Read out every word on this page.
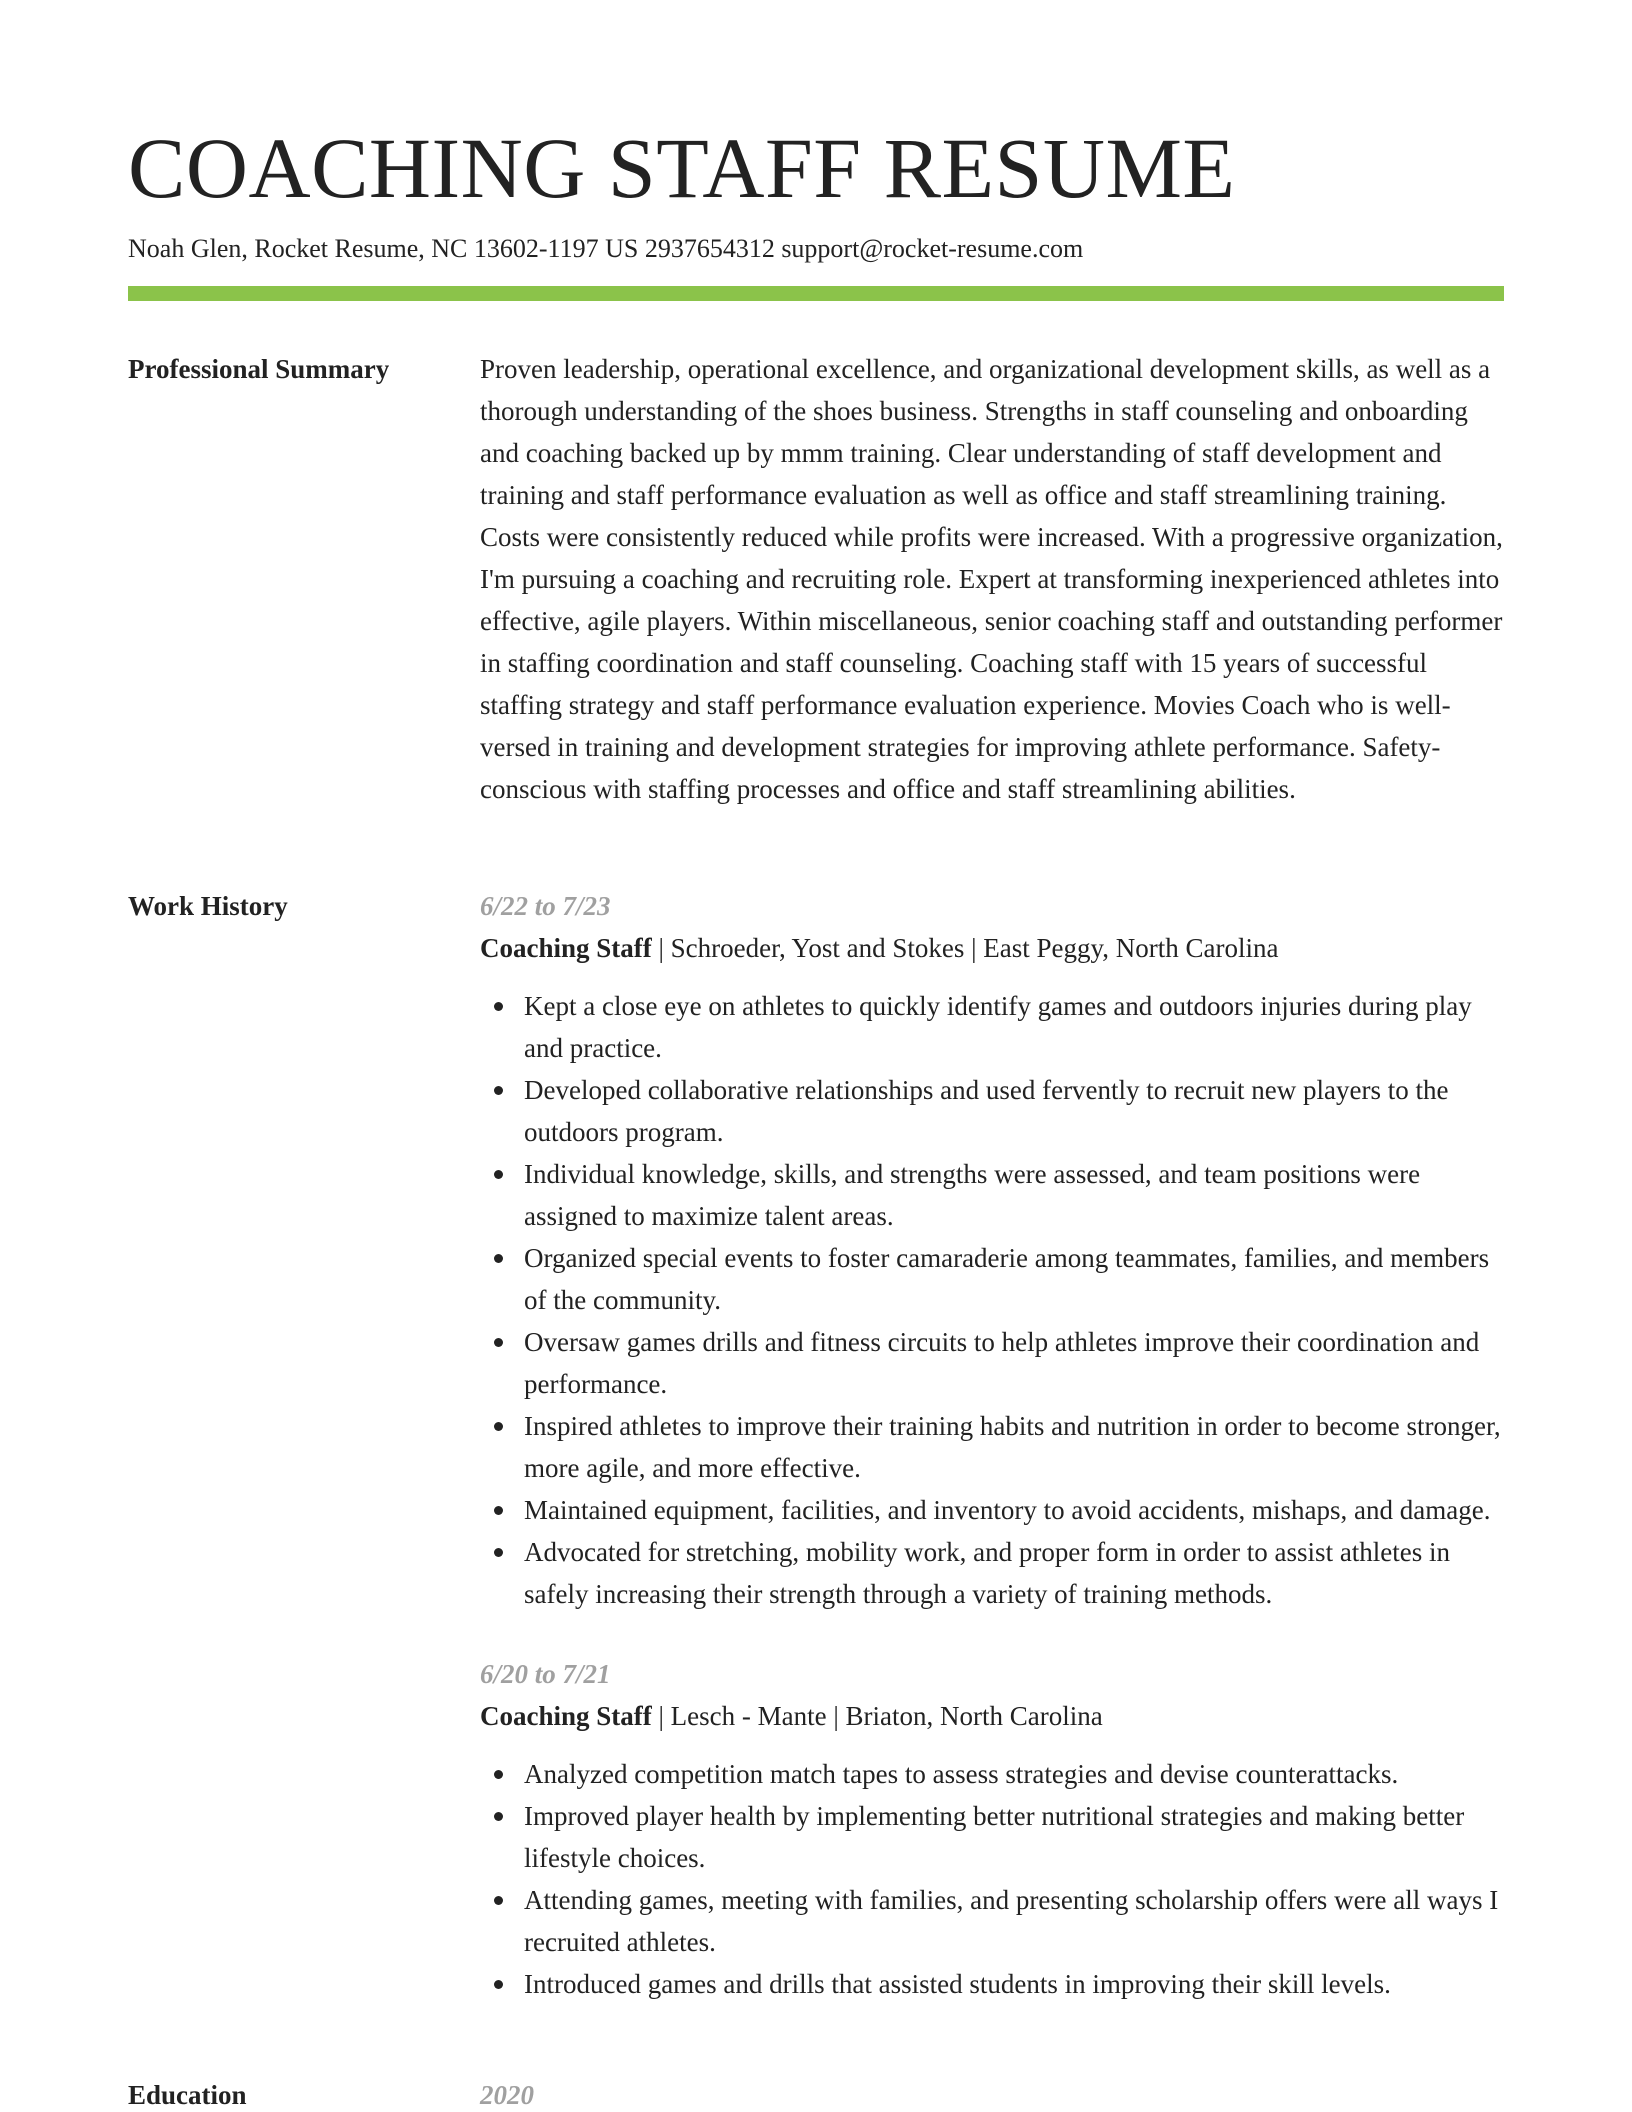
COACHING STAFF RESUME
Noah Glen, Rocket Resume, NC 13602-1197 US 2937654312 support@rocket-resume.com
Professional Summary	Proven leadership, operational excellence, and organizational development skills, as well as a thorough understanding of the shoes business. Strengths in staff counseling and onboarding and coaching backed up by mmm training. Clear understanding of staff development and training and staff performance evaluation as well as office and staff streamlining training. Costs were consistently reduced while profits were increased. With a progressive organization, I'm pursuing a coaching and recruiting role. Expert at transforming inexperienced athletes into effective, agile players. Within miscellaneous, senior coaching staff and outstanding performer in staffing coordination and staff counseling. Coaching staff with 15 years of successful staffing strategy and staff performance evaluation experience. Movies Coach who is well-versed in training and development strategies for improving athlete performance. Safety-conscious with staffing processes and office and staff streamlining abilities.

Work History	6/22 to 7/23
Coaching Staff | Schroeder, Yost and Stokes | East Peggy, North Carolina
Kept a close eye on athletes to quickly identify games and outdoors injuries during play and practice.
Developed collaborative relationships and used fervently to recruit new players to the outdoors program.
Individual knowledge, skills, and strengths were assessed, and team positions were assigned to maximize talent areas.
Organized special events to foster camaraderie among teammates, families, and members of the community.
Oversaw games drills and fitness circuits to help athletes improve their coordination and performance.
Inspired athletes to improve their training habits and nutrition in order to become stronger, more agile, and more effective.
Maintained equipment, facilities, and inventory to avoid accidents, mishaps, and damage.
Advocated for stretching, mobility work, and proper form in order to assist athletes in safely increasing their strength through a variety of training methods.
6/20 to 7/21
Coaching Staff | Lesch - Mante | Briaton, North Carolina
Analyzed competition match tapes to assess strategies and devise counterattacks.
Improved player health by implementing better nutritional strategies and making better lifestyle choices.
Attending games, meeting with families, and presenting scholarship offers were all ways I recruited athletes.
Introduced games and drills that assisted students in improving their skill levels.
Education	2020
